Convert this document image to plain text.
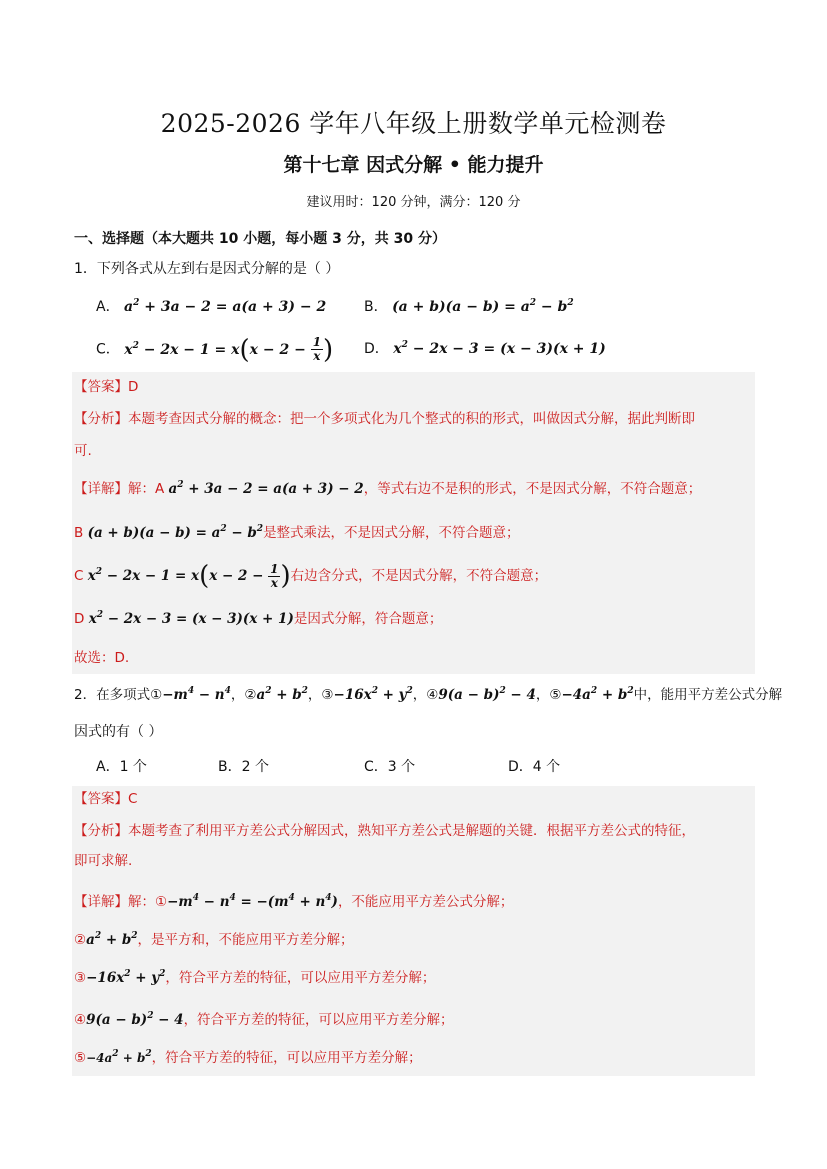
2025-2026 学年八年级上册数学单元检测卷
第十七章 因式分解 • 能力提升
建议用时：120 分钟，满分：120 分
一、选择题（本大题共 10 小题，每小题 3 分，共 30 分）
1．下列各式从左到右是因式分解的是（ ）
A． $a^2 + 3a - 2 = a(a + 3) - 2$	B． $(a + b)(a - b) = a^2 - b^2$
C． $x^2 - 2x - 1 = x(x - 2 - \frac{1}{x}$ ) D． $x^2 - 2x - 3 = (x - 3)(x + 1)$
【答案】D
【分析】本题考查因式分解的概念：把一个多项式化为几个整式的积的形式，叫做因式分解，据此判断即
可.
【详解】解：A $a^2 + 3a - 2 = a(a + 3) - 2$，等式右边不是积的形式，不是因式分解，不符合题意；
B $(a + b)(a - b) = a^2 - b^2$是整式乘法，不是因式分解，不符合题意；
C $x^2 - 2x - 1 = x(x - 2 - \frac{1}{x}$ )右边含分式，不是因式分解，不符合题意；
D $x^2 - 2x - 3 = (x - 3)(x + 1)$是因式分解，符合题意；
故选：D.
2．在多项式$①-m^4 - n^4$，$②a^2 + b^2$，$③-16x^2 + y^2$，④9(a − b)$^2$ − 4，$⑤-4a^2 + b^2$中，能用平方差公式分解
因式的有（ ）
A．1 个	B．2 个	C．3 个	D．4 个
【答案】C
【分析】本题考查了利用平方差公式分解因式，熟知平方差公式是解题的关键．根据平方差公式的特征，
即可求解.
【详解】解：$①-m^4 - n^4 = -(m^4 + n^4)$，不能应用平方差公式分解；
$②a^2 + b^2$，是平方和，不能应用平方差分解；
$③-16x^2 + y^2$，符合平方差的特征，可以应用平方差分解；
④9(a − b)$^2$ − 4，符合平方差的特征，可以应用平方差分解；
$⑤-4a^2 + b^2$，符合平方差的特征，可以应用平方差分解；
